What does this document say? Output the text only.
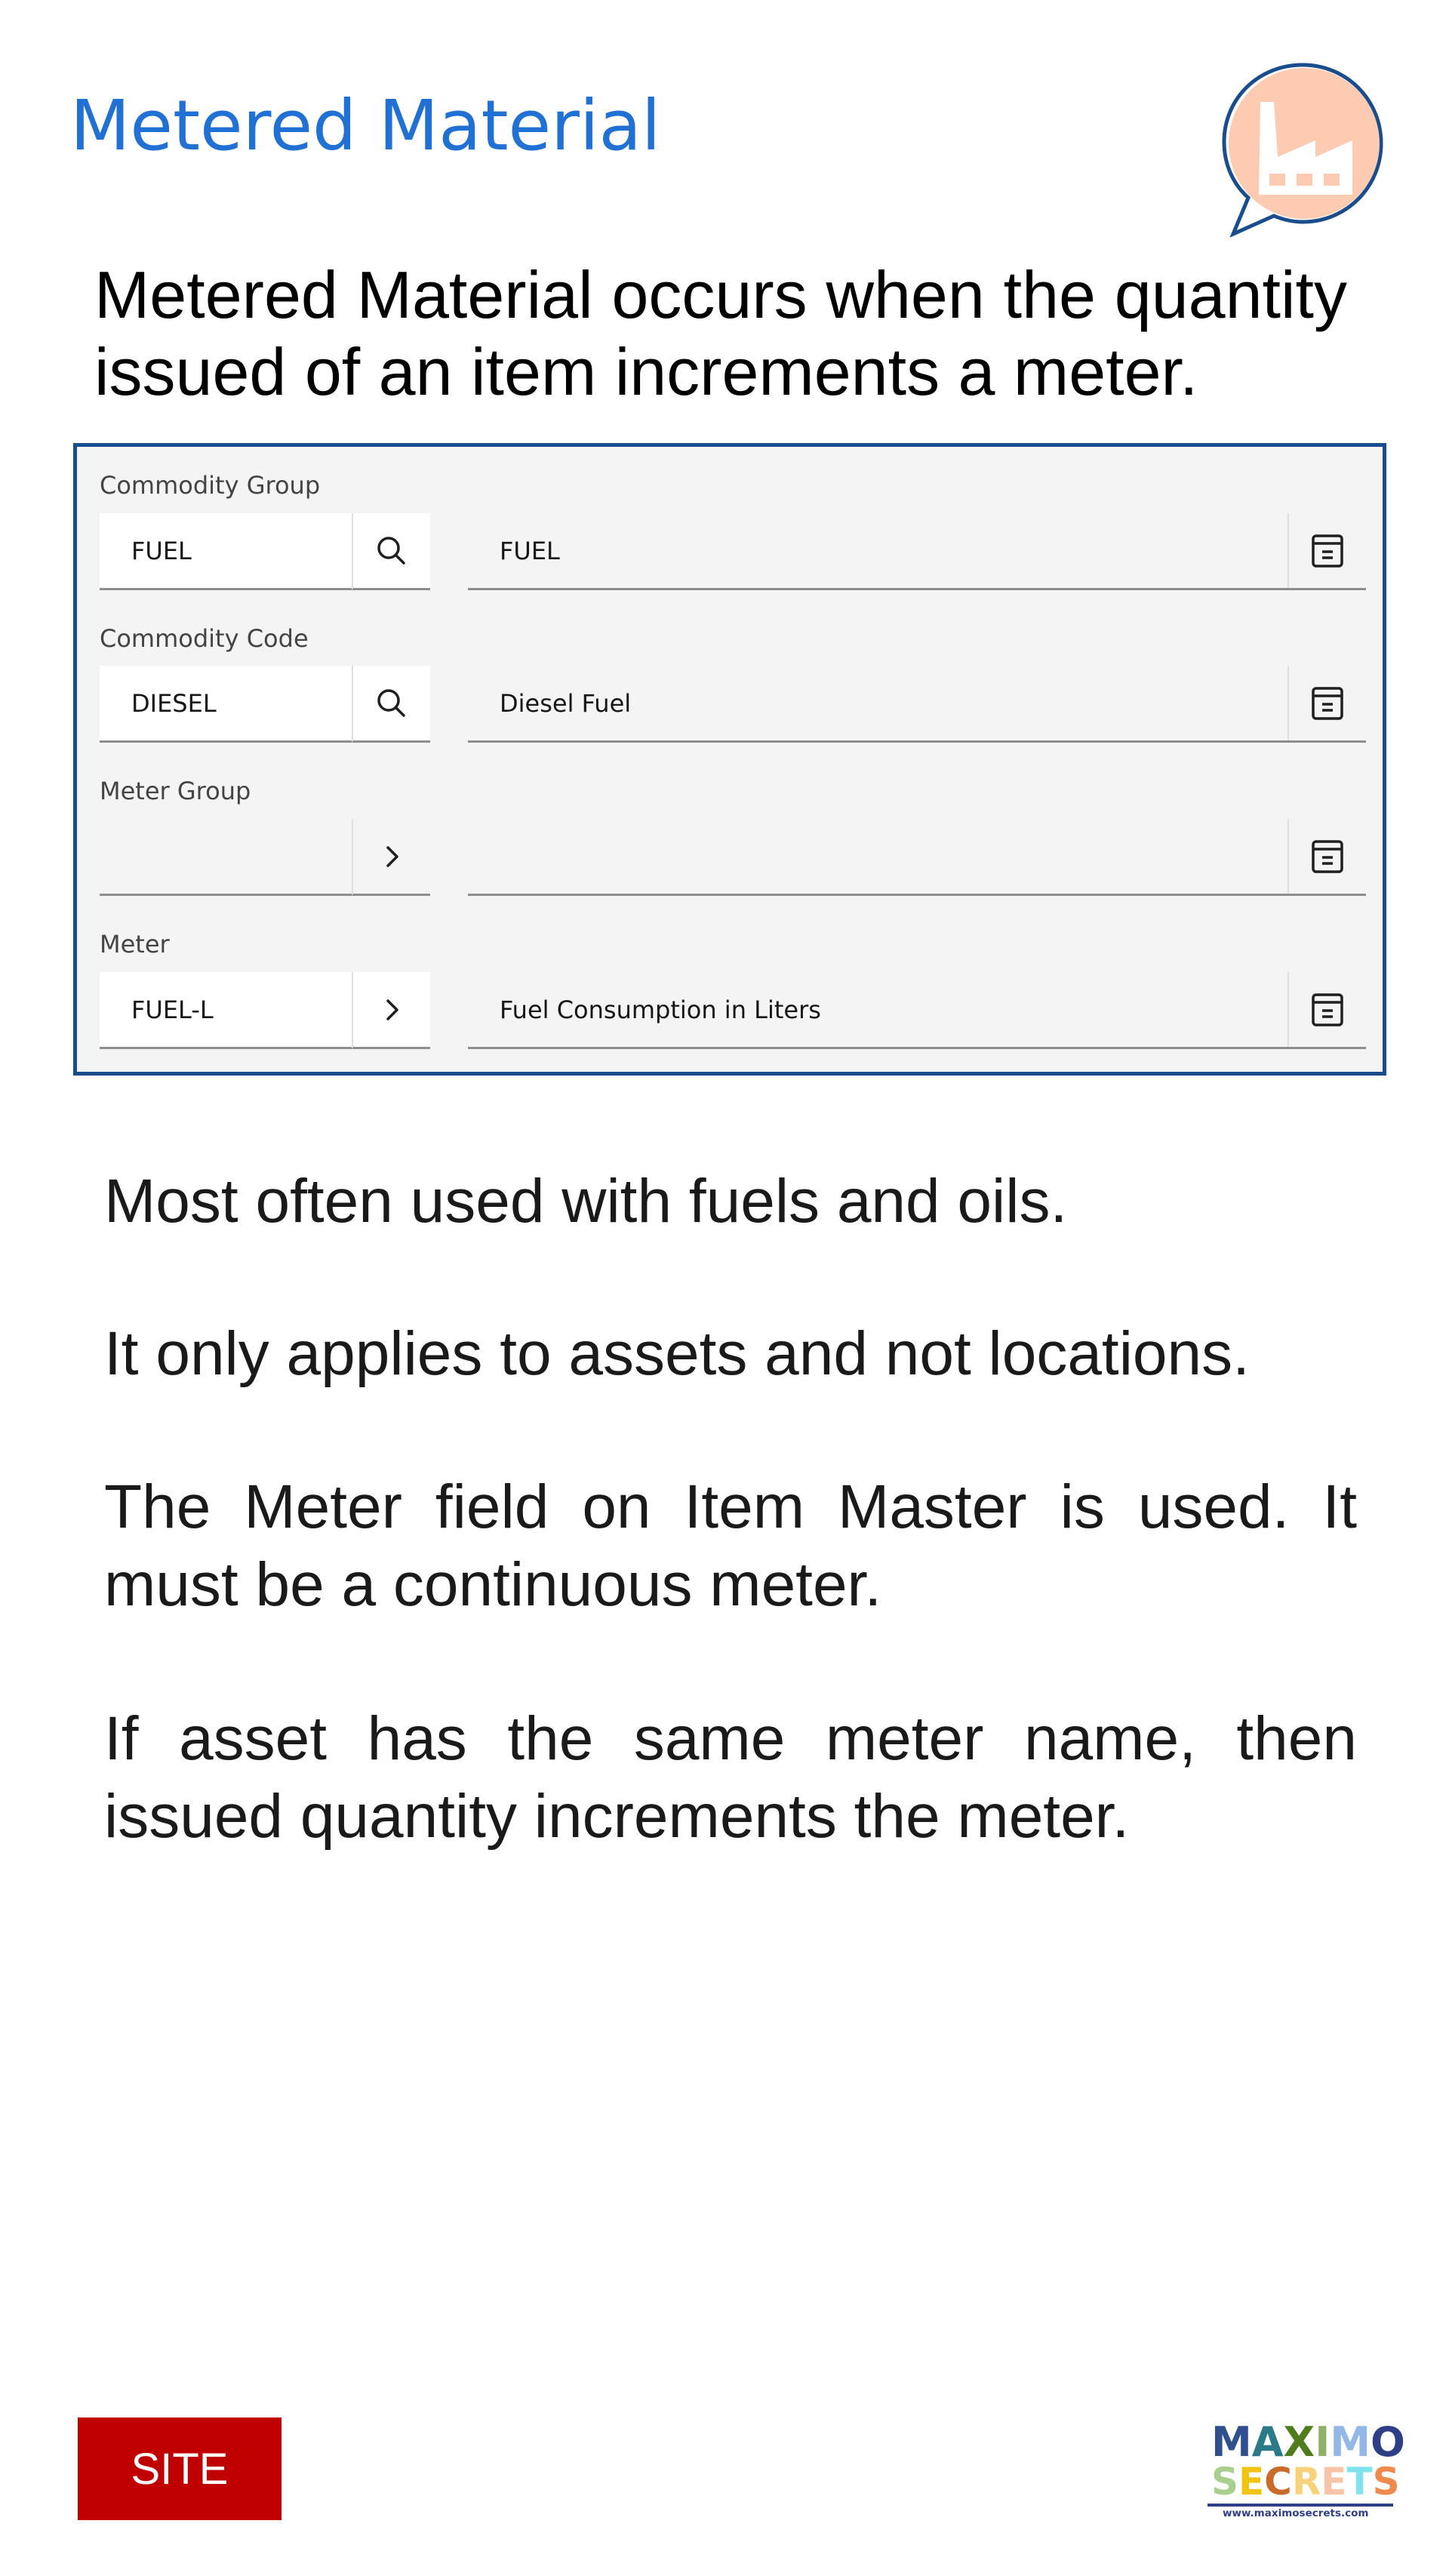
Metered Material

Metered Material occurs when the quantity issued of an item increments a meter.

Commodity Group
FUEL	FUEL
Commodity Code
DIESEL	Diesel Fuel
Meter Group
Meter
FUEL-L	Fuel Consumption in Liters

Most often used with fuels and oils.

It only applies to assets and not locations.

The Meter field on Item Master is used. It must be a continuous meter.

If asset has the same meter name, then issued quantity increments the meter.

SITE
M A X I M O
S E C R E T S
www.maximosecrets.com
